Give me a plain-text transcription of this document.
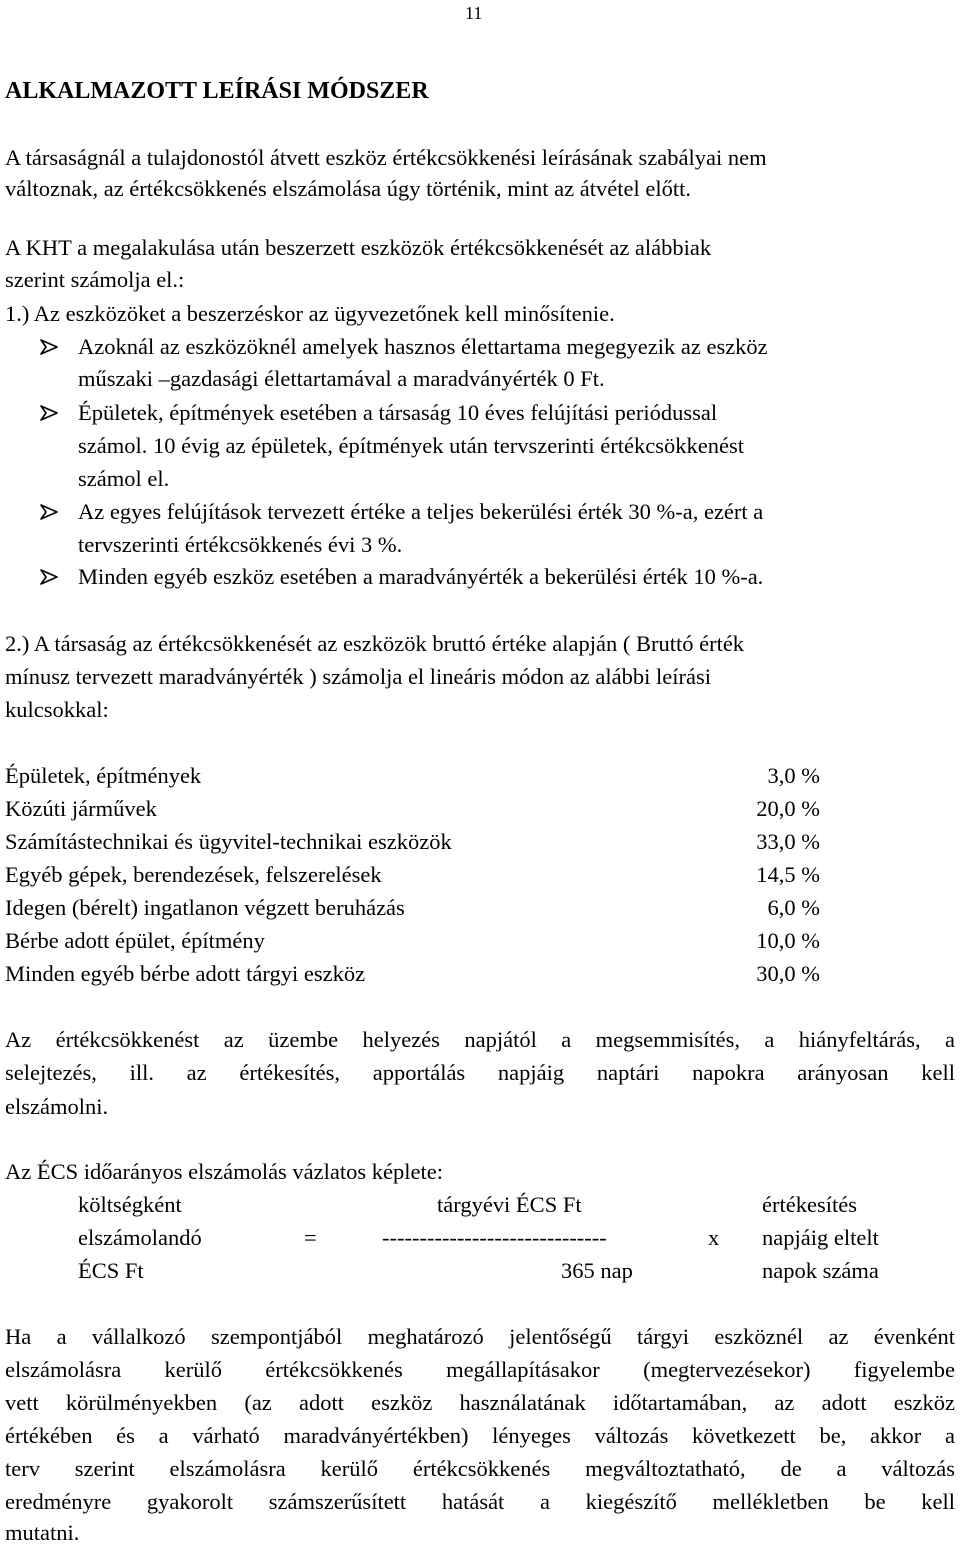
11
ALKALMAZOTT LEÍRÁSI MÓDSZER
A társaságnál a tulajdonostól átvett eszköz értékcsökkenési leírásának szabályai nem
változnak, az értékcsökkenés elszámolása úgy történik, mint az átvétel előtt.
A KHT a megalakulása után beszerzett eszközök értékcsökkenését az alábbiak
szerint számolja el.:
1.) Az eszközöket a beszerzéskor az ügyvezetőnek kell minősítenie.
Azoknál az eszközöknél amelyek hasznos élettartama megegyezik az eszköz
műszaki –gazdasági élettartamával a maradványérték 0 Ft.
Épületek, építmények esetében a társaság 10 éves felújítási periódussal
számol. 10 évig az épületek, építmények után tervszerinti értékcsökkenést
számol el.
Az egyes felújítások tervezett értéke a teljes bekerülési érték 30 %-a, ezért a
tervszerinti értékcsökkenés évi 3 %.
Minden egyéb eszköz esetében a maradványérték a bekerülési érték 10 %-a.
2.) A társaság az értékcsökkenését az eszközök bruttó értéke alapján ( Bruttó érték
mínusz tervezett maradványérték ) számolja el lineáris módon az alábbi leírási
kulcsokkal:
Épületek, építmények	3,0 %
Közúti járművek	20,0 %
Számítástechnikai és ügyvitel-technikai eszközök	33,0 %
Egyéb gépek, berendezések, felszerelések	14,5 %
Idegen (bérelt) ingatlanon végzett beruházás	6,0 %
Bérbe adott épület, építmény	10,0 %
Minden egyéb bérbe adott tárgyi eszköz	30,0 %
Az értékcsökkenést az üzembe helyezés napjától a megsemmisítés, a hiányfeltárás, a
selejtezés, ill. az értékesítés, apportálás napjáig naptári napokra arányosan kell
elszámolni.
Az ÉCS időarányos elszámolás vázlatos képlete:
költségként
elszámolandó
ÉCS Ft
=
tárgyévi ÉCS Ft
------------------------------
365 nap
x
értékesítés
napjáig eltelt
napok száma
Ha a vállalkozó szempontjából meghatározó jelentőségű tárgyi eszköznél az évenként
elszámolásra kerülő értékcsökkenés megállapításakor (megtervezésekor) figyelembe
vett körülményekben (az adott eszköz használatának időtartamában, az adott eszköz
értékében és a várható maradványértékben) lényeges változás következett be, akkor a
terv szerint elszámolásra kerülő értékcsökkenés megváltoztatható, de a változás
eredményre gyakorolt számszerűsített hatását a kiegészítő mellékletben be kell
mutatni.
